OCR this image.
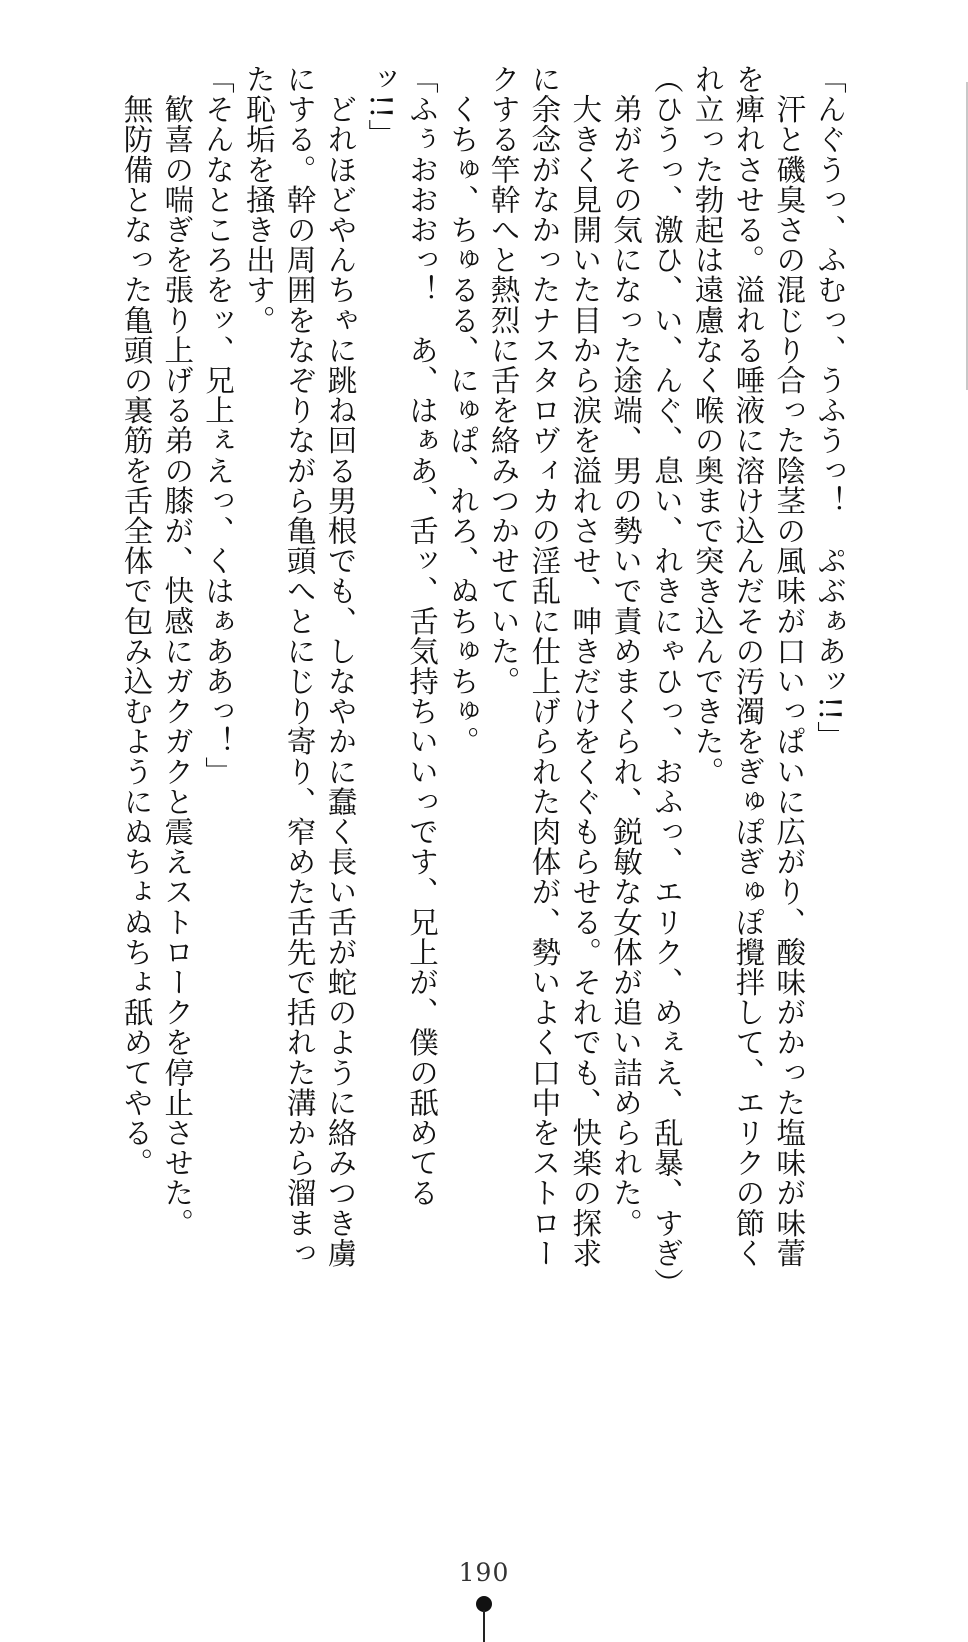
「んぐうっ、ふむっ、うふうっ！　ぷぶぁあッ!!」
　汗と磯臭さの混じり合った陰茎の風味が口いっぱいに広がり、酸味がかった塩味が味蕾
を痺れさせる。溢れる唾液に溶け込んだその汚濁をぎゅぽぎゅぽ攪拌して、エリクの節く
れ立った勃起は遠慮なく喉の奥まで突き込んできた。
（ひうっ、激ひ、い、んぐ、息い、れきにゃひっ、おふっ、エリク、めぇえ、乱暴、すぎ）
　弟がその気になった途端、男の勢いで責めまくられ、鋭敏な女体が追い詰められた。
　大きく見開いた目から涙を溢れさせ、呻きだけをくぐもらせる。それでも、快楽の探求
に余念がなかったナスタロヴィカの淫乱に仕上げられた肉体が、勢いよく口中をストロー
クする竿幹へと熱烈に舌を絡みつかせていた。
　くちゅ、ちゅるる、にゅぱ、れろ、ぬちゅちゅ。
「ふぅおおおっ！　あ、はぁあ、舌ッ、舌気持ちいいっです、兄上が、僕の舐めてる
ッ!!」
　どれほどやんちゃに跳ね回る男根でも、しなやかに蠢く長い舌が蛇のように絡みつき虜
にする。幹の周囲をなぞりながら亀頭へとにじり寄り、窄めた舌先で括れた溝から溜まっ
た恥垢を掻き出す。
「そんなところをッ、兄上ぇえっ、くはぁああっ！」
　歓喜の喘ぎを張り上げる弟の膝が、快感にガクガクと震えストロークを停止させた。
　無防備となった亀頭の裏筋を舌全体で包み込むようにぬちょぬちょ舐めてやる。
190
